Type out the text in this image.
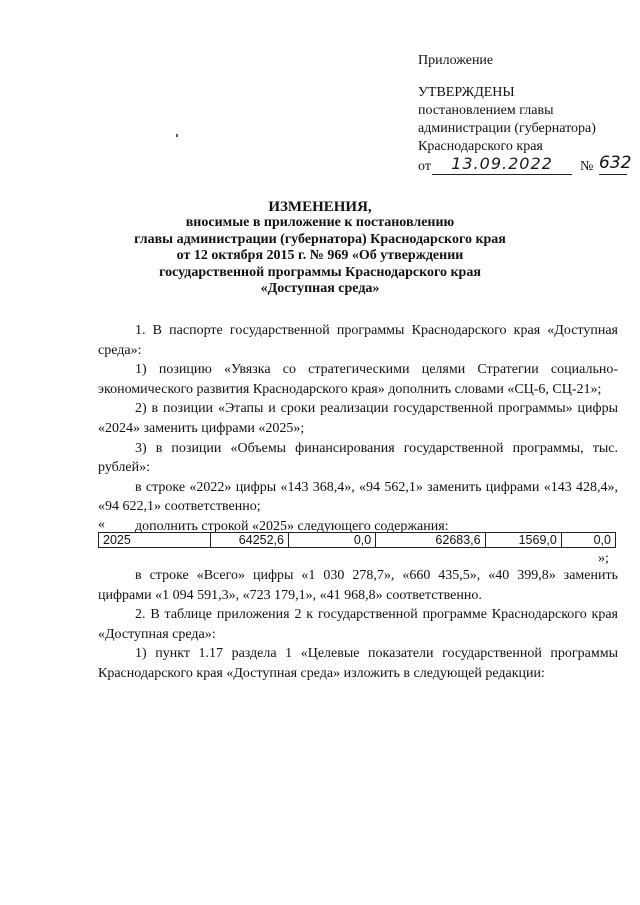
Приложение
УТВЕРЖДЕНЫ
постановлением главы
администрации (губернатора)
Краснодарского края
от	13.09.2022	№ 632
ИЗМЕНЕНИЯ,
вносимые в приложение к постановлению
главы администрации (губернатора) Краснодарского края
от 12 октября 2015 г. № 969 «Об утверждении
государственной программы Краснодарского края
«Доступная среда»
1. В паспорте государственной программы Краснодарского края «Доступная среда»:
1) позицию «Увязка со стратегическими целями Стратегии социально-экономического развития Краснодарского края» дополнить словами «СЦ-6, СЦ-21»;
2) в позиции «Этапы и сроки реализации государственной программы» цифры «2024» заменить цифрами «2025»;
3) в позиции «Объемы финансирования государственной программы, тыс. рублей»:
в строке «2022» цифры «143 368,4», «94 562,1» заменить цифрами «143 428,4», «94 622,1» соответственно;
дополнить строкой «2025» следующего содержания:
«
2025	64252,6	0,0	62683,6	1569,0	0,0
»;
в строке «Всего» цифры «1 030 278,7», «660 435,5», «40 399,8» заменить цифрами «1 094 591,3», «723 179,1», «41 968,8» соответственно.
2. В таблице приложения 2 к государственной программе Краснодарского края «Доступная среда»:
1) пункт 1.17 раздела 1 «Целевые показатели государственной программы Краснодарского края «Доступная среда» изложить в следующей редакции:
